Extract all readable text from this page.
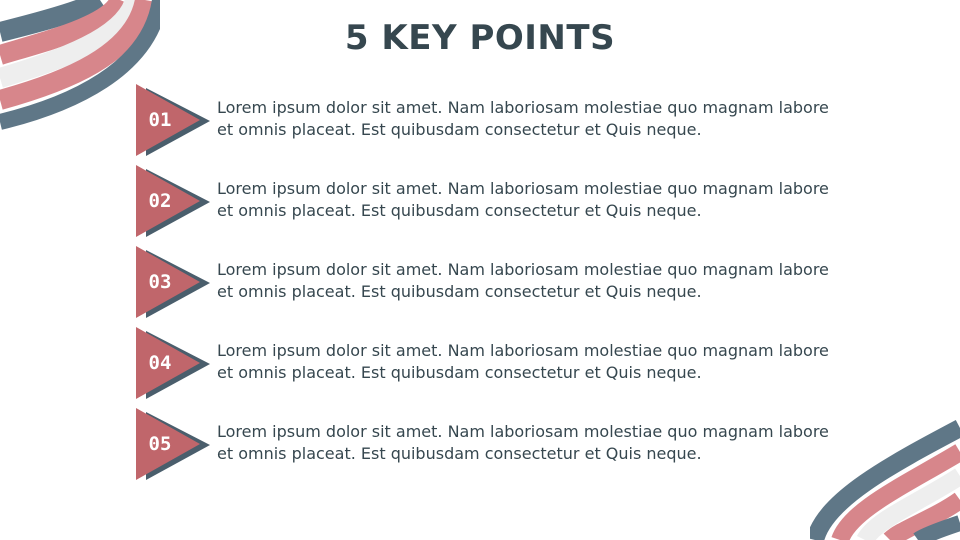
5 KEY POINTS
01
Lorem ipsum dolor sit amet. Nam laboriosam molestiae quo magnam labore et omnis placeat. Est quibusdam consectetur et Quis neque.
02
Lorem ipsum dolor sit amet. Nam laboriosam molestiae quo magnam labore et omnis placeat. Est quibusdam consectetur et Quis neque.
03
Lorem ipsum dolor sit amet. Nam laboriosam molestiae quo magnam labore et omnis placeat. Est quibusdam consectetur et Quis neque.
04
Lorem ipsum dolor sit amet. Nam laboriosam molestiae quo magnam labore et omnis placeat. Est quibusdam consectetur et Quis neque.
05
Lorem ipsum dolor sit amet. Nam laboriosam molestiae quo magnam labore et omnis placeat. Est quibusdam consectetur et Quis neque.
